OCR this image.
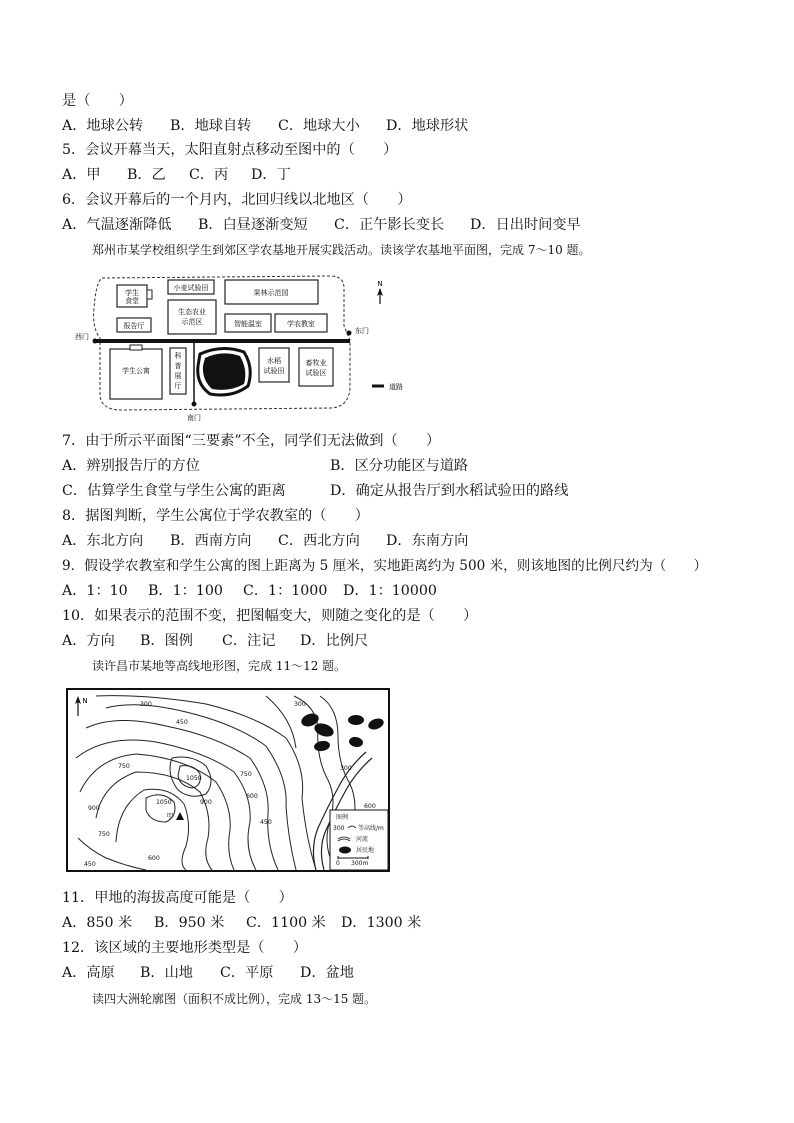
是（　　）
A．地球公转 B．地球自转 C．地球大小 D．地球形状
5．会议开幕当天，太阳直射点移动至图中的（　　）
A．甲 B．乙 C．丙 D．丁
6．会议开幕后的一个月内，北回归线以北地区（　　）
A．气温逐渐降低 B．白昼逐渐变短 C．正午影长变长 D．日出时间变早
郑州市某学校组织学生到郊区学农基地开展实践活动。读该学农基地平面图，完成 7～10 题。
学生
食堂
小麦试验田
果林示范园
生态农业
示范区
报告厅	智能温室	学农教室
N
西门
东门
南门
学生公寓
科
普
展
厅
水稻
试验田
畜牧业
试验区
道路
7．由于所示平面图“三要素”不全，同学们无法做到（　　）
A．辨别报告厅的方位	B．区分功能区与道路
C．估算学生食堂与学生公寓的距离	D．确定从报告厅到水稻试验田的路线
8．据图判断，学生公寓位于学农教室的（　　）
A．东北方向 B．西南方向 C．西北方向 D．东南方向
9．假设学农教室和学生公寓的图上距离为 5 厘米，实地距离约为 500 米，则该地图的比例尺约为（　　）
A．1：10 B．1：100 C．1：1000 D．1：10000
10．如果表示的范围不变，把图幅变大，则随之变化的是（　　）
A．方向 B．图例 C．注记 D．比例尺
读许昌市某地等高线地形图，完成 11～12 题。
N	300
450
750
1050
900
1050
750
600
900
750
450
600
450
300
300
600
甲	图例
300 等高线/m
河流
居民地
0 300m
11．甲地的海拔高度可能是（　　）
A．850 米 B．950 米 C．1100 米 D．1300 米
12．该区域的主要地形类型是（　　）
A．高原 B．山地 C．平原 D．盆地
读四大洲轮廓图（面积不成比例），完成 13～15 题。
